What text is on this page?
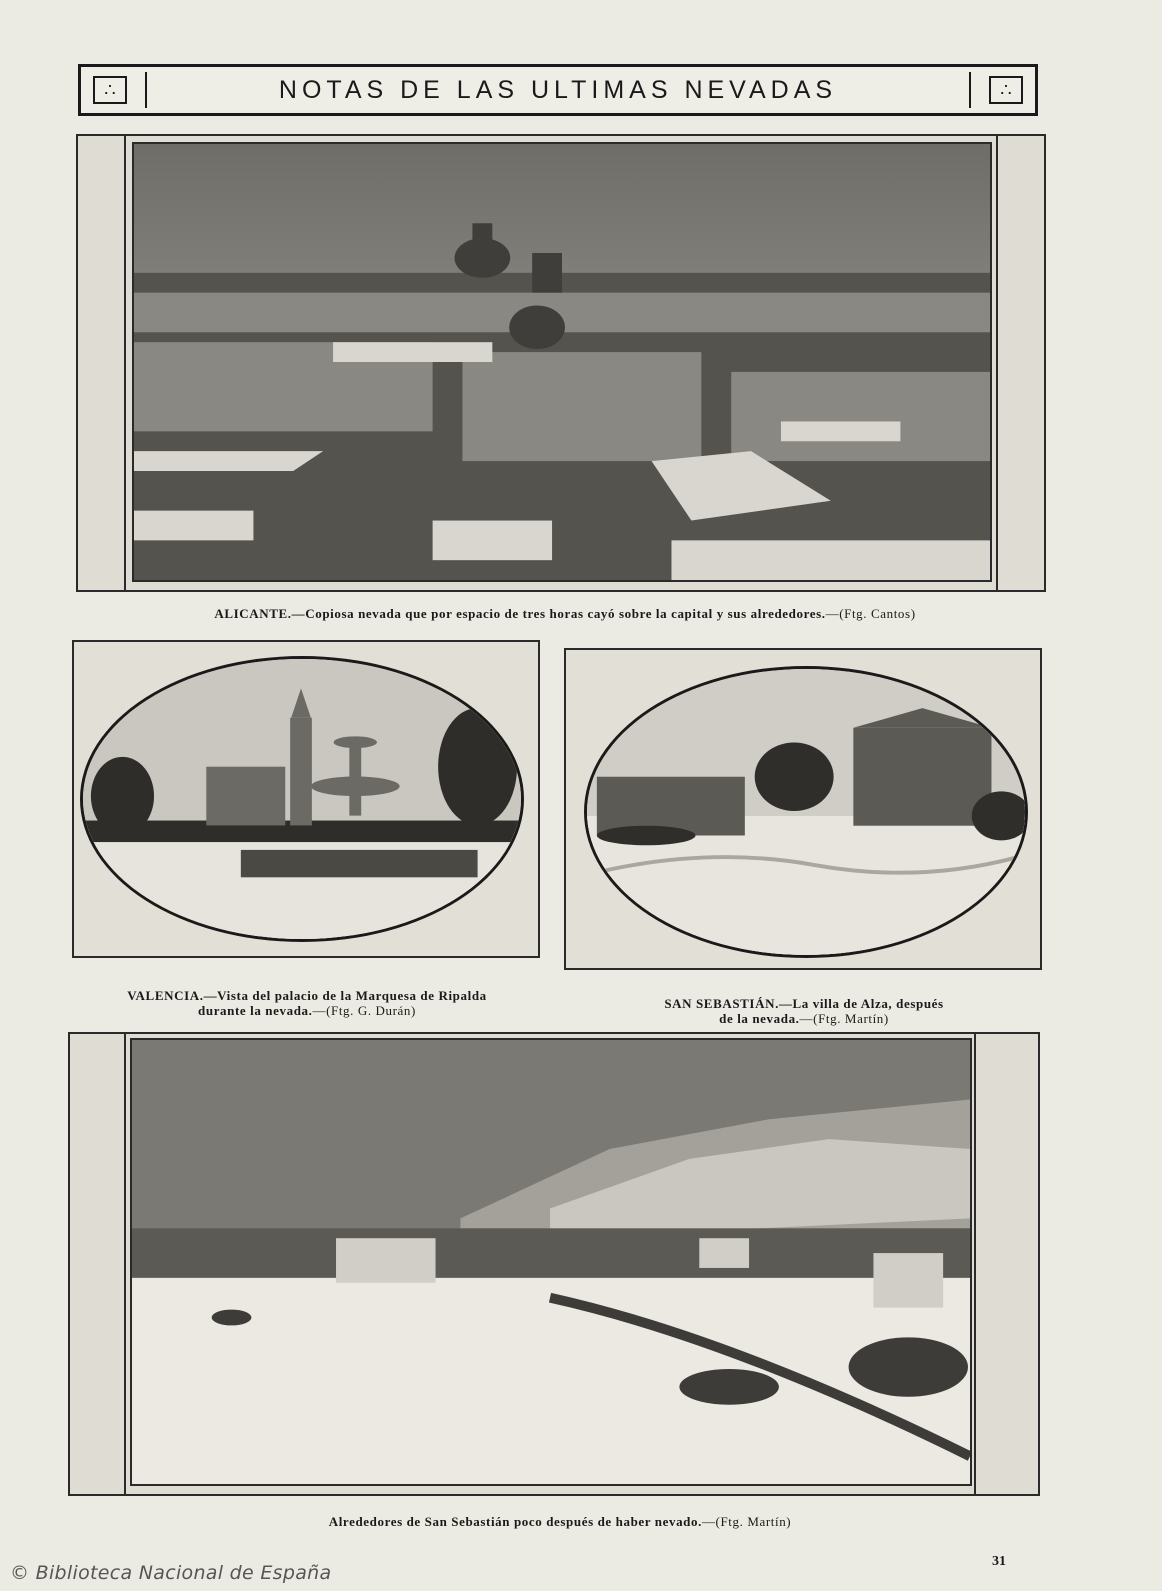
∴	NOTAS DE LAS ULTIMAS NEVADAS	∴
ALICANTE.—Copiosa nevada que por espacio de tres horas cayó sobre la capital y sus alrededores.—(Ftg. Cantos)
VALENCIA.—Vista del palacio de la Marquesa de Ripalda
durante la nevada.—(Ftg. G. Durán)	SAN SEBASTIÁN.—La villa de Alza, después
de la nevada.—(Ftg. Martín)
Alrededores de San Sebastián poco después de haber nevado.—(Ftg. Martín)
© Biblioteca Nacional de España
31
